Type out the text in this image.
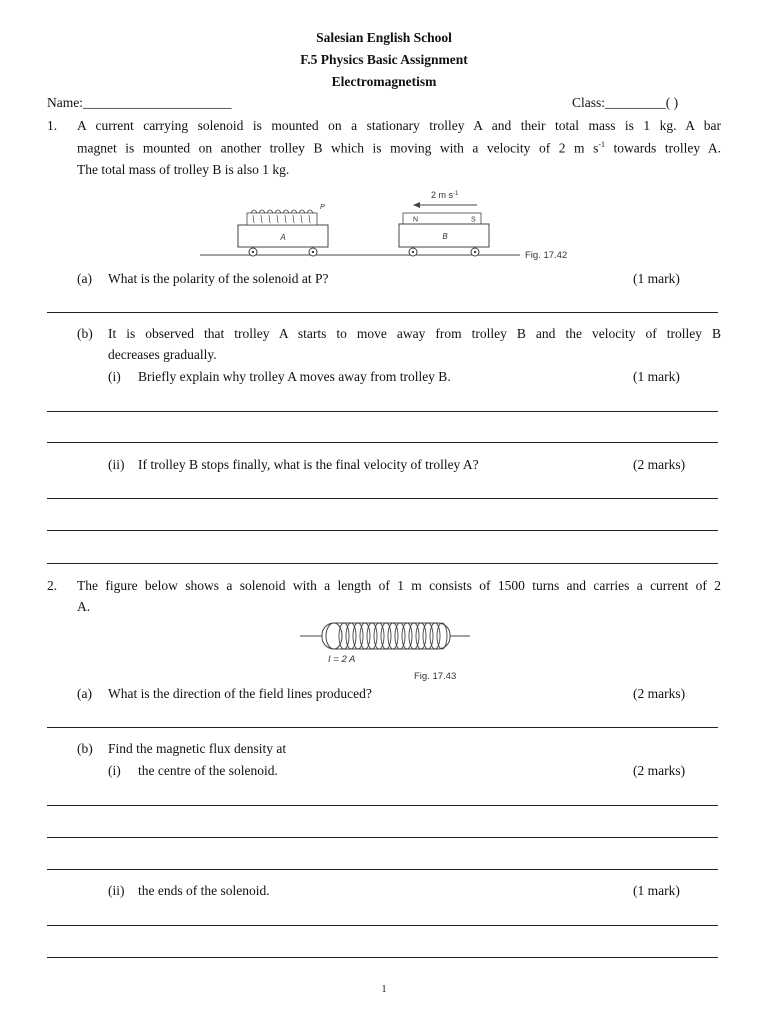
Salesian English School
F.5 Physics Basic Assignment
Electromagnetism
Name:______________________	Class:_________( )
1. A current carrying solenoid is mounted on a stationary trolley A and their total mass is 1 kg. A bar
magnet is mounted on another trolley B which is moving with a velocity of 2 m $s^{-1}$ towards trolley A.
The total mass of trolley B is also 1 kg.
A
P
2 m $s^{-1}$
N	S
B
Fig. 17.42
(a) What is the polarity of the solenoid at P?	(1 mark)
(b) It is observed that trolley A starts to move away from trolley B and the velocity of trolley B
decreases gradually.
(i) Briefly explain why trolley A moves away from trolley B.	(1 mark)
(ii) If trolley B stops finally, what is the final velocity of trolley A?	(2 marks)
2. The figure below shows a solenoid with a length of 1 m consists of 1500 turns and carries a current of 2
A.
I = 2 A
Fig. 17.43
(a) What is the direction of the field lines produced?	(2 marks)
(b) Find the magnetic flux density at
(i) the centre of the solenoid.	(2 marks)
(ii) the ends of the solenoid.	(1 mark)
1
